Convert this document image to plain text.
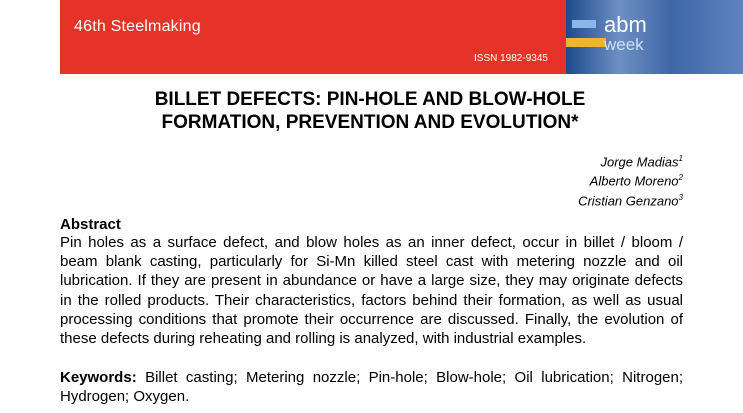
46th Steelmaking
ISSN 1982-9345
abm
week
BILLET DEFECTS: PIN-HOLE AND BLOW-HOLE
FORMATION, PREVENTION AND EVOLUTION*
Jorge Madias$^1$
Alberto Moreno$^2$
Cristian Genzano$^3$
Abstract
Pin holes as a surface defect, and blow holes as an inner defect, occur in billet / bloom / beam blank casting, particularly for Si-Mn killed steel cast with metering nozzle and oil lubrication. If they are present in abundance or have a large size, they may originate defects in the rolled products. Their characteristics, factors behind their formation, as well as usual processing conditions that promote their occurrence are discussed. Finally, the evolution of these defects during reheating and rolling is analyzed, with industrial examples.
Keywords: Billet casting; Metering nozzle; Pin-hole; Blow-hole; Oil lubrication; Nitrogen; Hydrogen; Oxygen.
